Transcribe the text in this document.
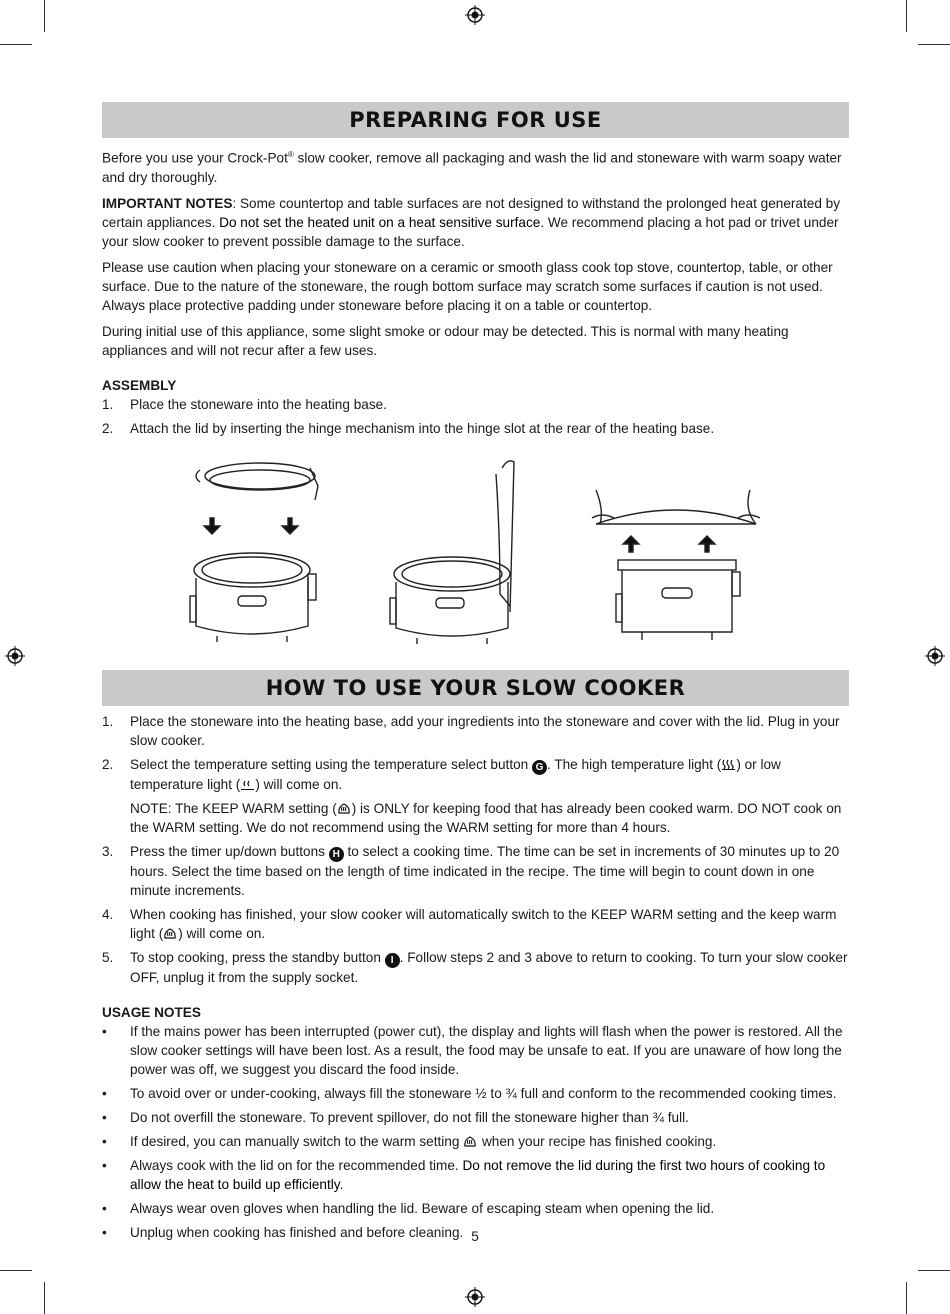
PREPARING FOR USE

Before you use your Crock-Pot® slow cooker, remove all packaging and wash the lid and stoneware with warm soapy water and dry thoroughly.

IMPORTANT NOTES: Some countertop and table surfaces are not designed to withstand the prolonged heat generated by certain appliances. Do not set the heated unit on a heat sensitive surface. We recommend placing a hot pad or trivet under your slow cooker to prevent possible damage to the surface.

Please use caution when placing your stoneware on a ceramic or smooth glass cook top stove, countertop, table, or other surface. Due to the nature of the stoneware, the rough bottom surface may scratch some surfaces if caution is not used. Always place protective padding under stoneware before placing it on a table or countertop.

During initial use of this appliance, some slight smoke or odour may be detected. This is normal with many heating appliances and will not recur after a few uses.

ASSEMBLY
1.	Place the stoneware into the heating base.
2.	Attach the lid by inserting the hinge mechanism into the hinge slot at the rear of the heating base.
HOW TO USE YOUR SLOW COOKER
1.	Place the stoneware into the heating base, add your ingredients into the stoneware and cover with the lid. Plug in your slow cooker.
2.	Select the temperature setting using the temperature select button G . The high temperature light ( ) or low temperature light ( ) will come on.
NOTE: The KEEP WARM setting ( ) is ONLY for keeping food that has already been cooked warm. DO NOT cook on the WARM setting. We do not recommend using the WARM setting for more than 4 hours.
3.	Press the timer up/down buttons H to select a cooking time. The time can be set in increments of 30 minutes up to 20 hours. Select the time based on the length of time indicated in the recipe. The time will begin to count down in one minute increments.
4.	When cooking has finished, your slow cooker will automatically switch to the KEEP WARM setting and the keep warm light ( ) will come on.
5.	To stop cooking, press the standby button I . Follow steps 2 and 3 above to return to cooking. To turn your slow cooker OFF, unplug it from the supply socket.
USAGE NOTES
•	If the mains power has been interrupted (power cut), the display and lights will flash when the power is restored. All the slow cooker settings will have been lost. As a result, the food may be unsafe to eat. If you are unaware of how long the power was off, we suggest you discard the food inside.
•	To avoid over or under-cooking, always fill the stoneware ½ to ¾ full and conform to the recommended cooking times.
•	Do not overfill the stoneware. To prevent spillover, do not fill the stoneware higher than ¾ full.
•	If desired, you can manually switch to the warm setting  when your recipe has finished cooking.
•	Always cook with the lid on for the recommended time. Do not remove the lid during the first two hours of cooking to allow the heat to build up efficiently.
•	Always wear oven gloves when handling the lid. Beware of escaping steam when opening the lid.
•	Unplug when cooking has finished and before cleaning. 5
